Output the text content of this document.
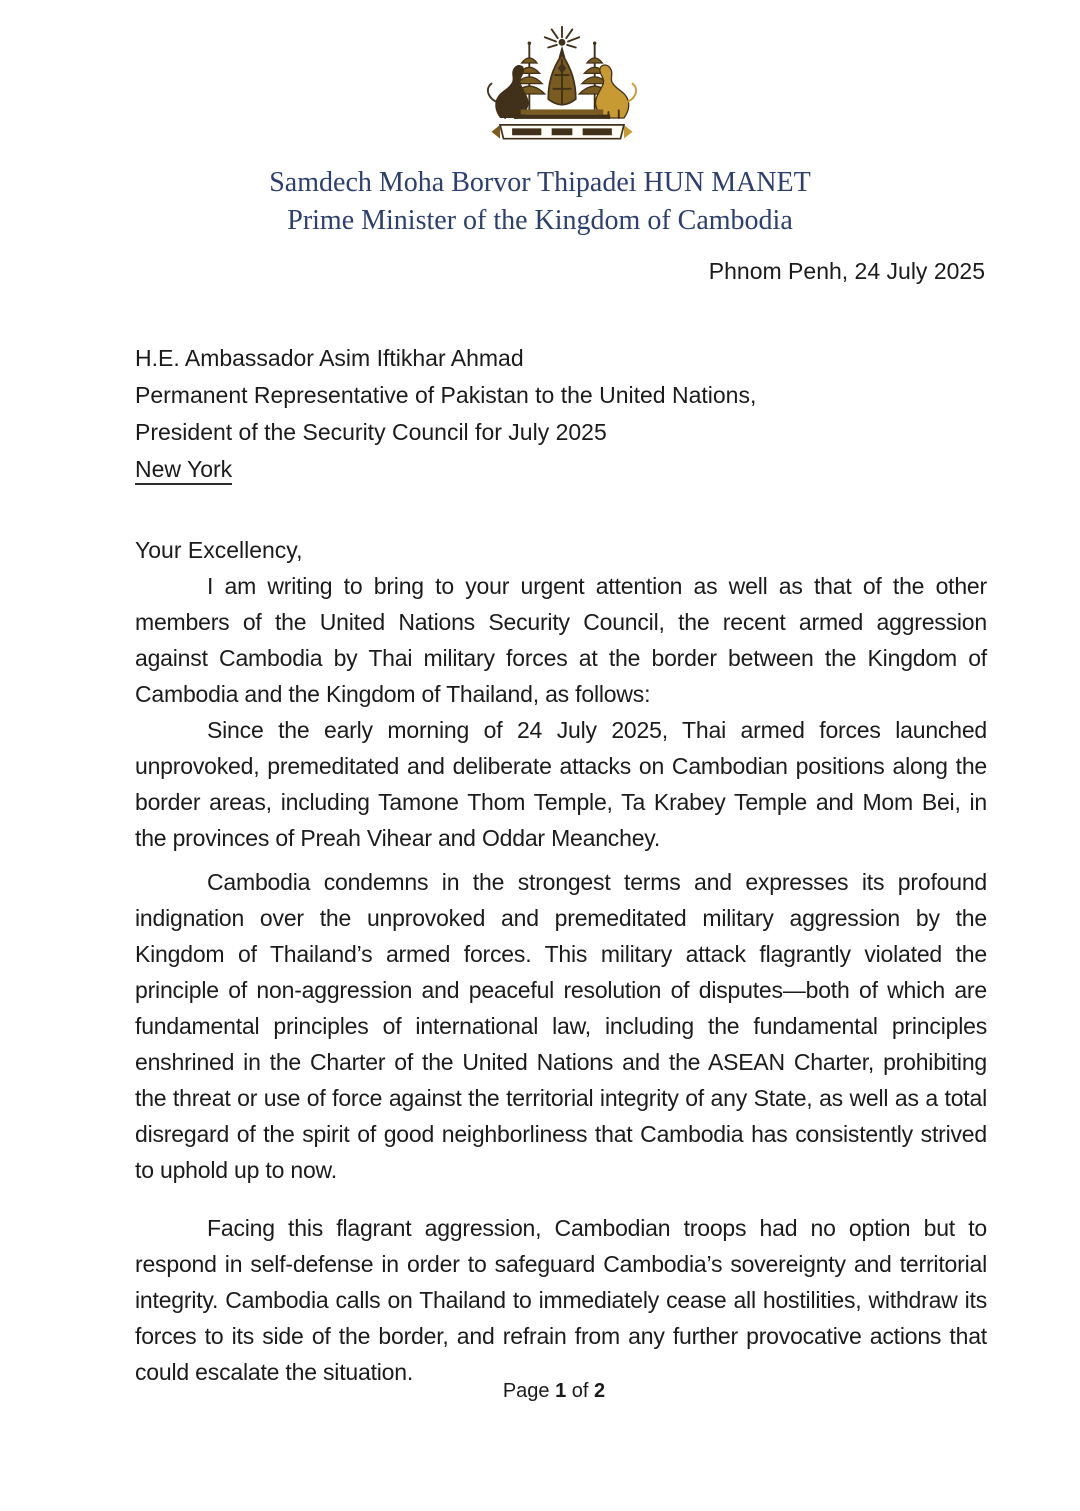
Samdech Moha Borvor Thipadei HUN MANET
Prime Minister of the Kingdom of Cambodia
Phnom Penh, 24 July 2025
H.E. Ambassador Asim Iftikhar Ahmad
Permanent Representative of Pakistan to the United Nations,
President of the Security Council for July 2025
New York
Your Excellency,

I am writing to bring to your urgent attention as well as that of the other members of the United Nations Security Council, the recent armed aggression against Cambodia by Thai military forces at the border between the Kingdom of Cambodia and the Kingdom of Thailand, as follows:

Since the early morning of 24 July 2025, Thai armed forces launched unprovoked, premeditated and deliberate attacks on Cambodian positions along the border areas, including Tamone Thom Temple, Ta Krabey Temple and Mom Bei, in the provinces of Preah Vihear and Oddar Meanchey.

Cambodia condemns in the strongest terms and expresses its profound indignation over the unprovoked and premeditated military aggression by the Kingdom of Thailand’s armed forces. This military attack flagrantly violated the principle of non-aggression and peaceful resolution of disputes—both of which are fundamental principles of international law, including the fundamental principles enshrined in the Charter of the United Nations and the ASEAN Charter, prohibiting the threat or use of force against the territorial integrity of any State, as well as a total disregard of the spirit of good neighborliness that Cambodia has consistently strived to uphold up to now.

Facing this flagrant aggression, Cambodian troops had no option but to respond in self-defense in order to safeguard Cambodia’s sovereignty and territorial integrity. Cambodia calls on Thailand to immediately cease all hostilities, withdraw its forces to its side of the border, and refrain from any further provocative actions that could escalate the situation.

Page 1 of 2
